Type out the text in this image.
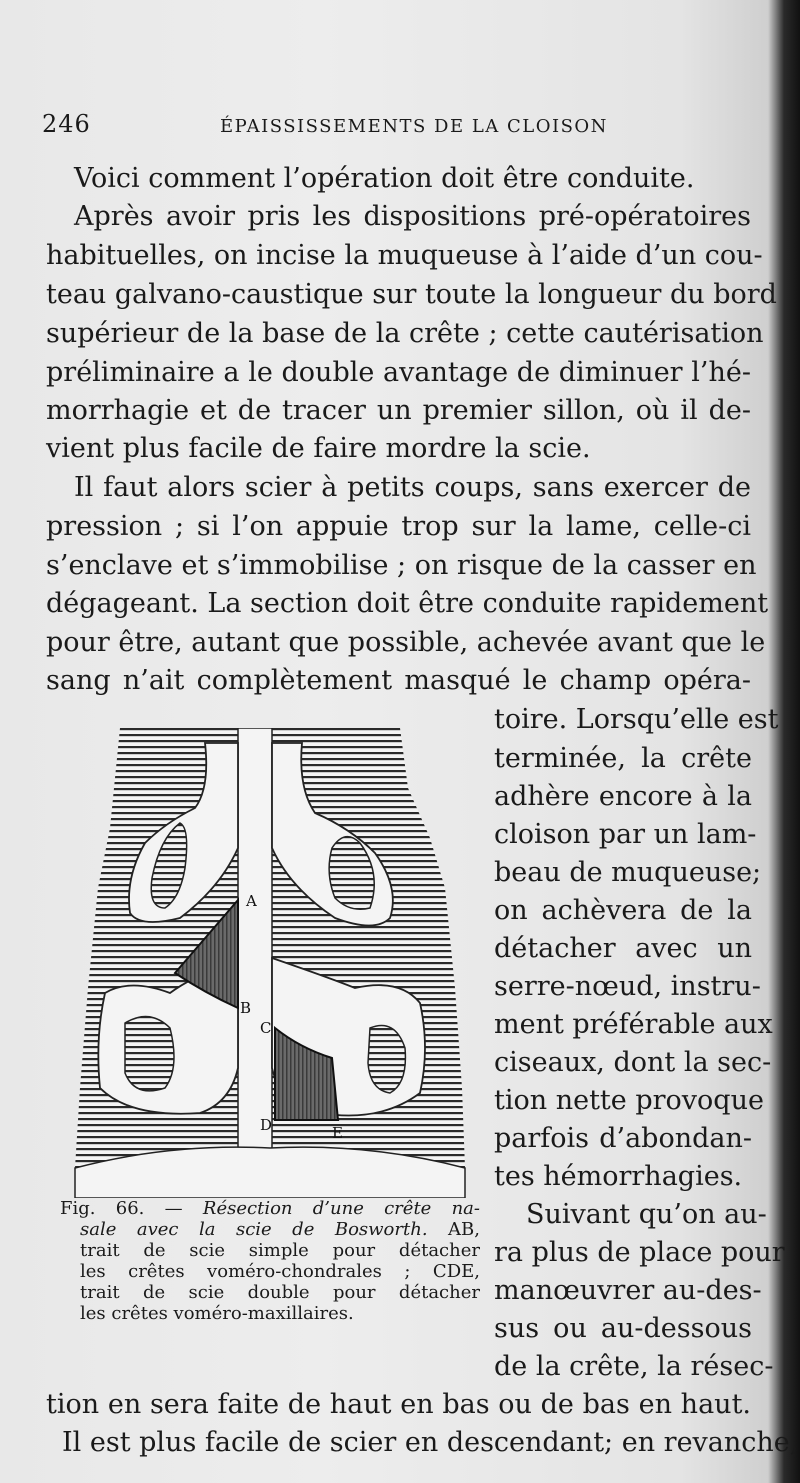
246	ÉPAISSISSEMENTS DE LA CLOISON
Voici comment l’opération doit être conduite.
Après avoir pris les dispositions pré-opératoires
habituelles, on incise la muqueuse à l’aide d’un cou-
teau galvano-caustique sur toute la longueur du bord
supérieur de la base de la crête ; cette cautérisation
préliminaire a le double avantage de diminuer l’hé-
morrhagie et de tracer un premier sillon, où il de-
vient plus facile de faire mordre la scie.
Il faut alors scier à petits coups, sans exercer de
pression ; si l’on appuie trop sur la lame, celle-ci
s’enclave et s’immobilise ; on risque de la casser en
dégageant. La section doit être conduite rapidement
pour être, autant que possible, achevée avant que le
sang n’ait complètement masqué le champ opéra-
toire. Lorsqu’elle est
terminée, la crête
adhère encore à la
cloison par un lam-
beau de muqueuse;
on achèvera de la
détacher avec un
serre-nœud, instru-
ment préférable aux
ciseaux, dont la sec-
tion nette provoque
parfois d’abondan-
tes hémorrhagies.
Suivant qu’on au-
ra plus de place pour
manœuvrer au-des-
sus ou au-dessous
de la crête, la résec-
tion en sera faite de haut en bas ou de bas en haut.
Il est plus facile de scier en descendant; en revanche,
A
B
C
D	E
Fig. 66. — Résection d’une crête na-
sale avec la scie de Bosworth. AB,
trait de scie simple pour détacher
les crêtes voméro-chondrales ; CDE,
trait de scie double pour détacher
les crêtes voméro-maxillaires.
